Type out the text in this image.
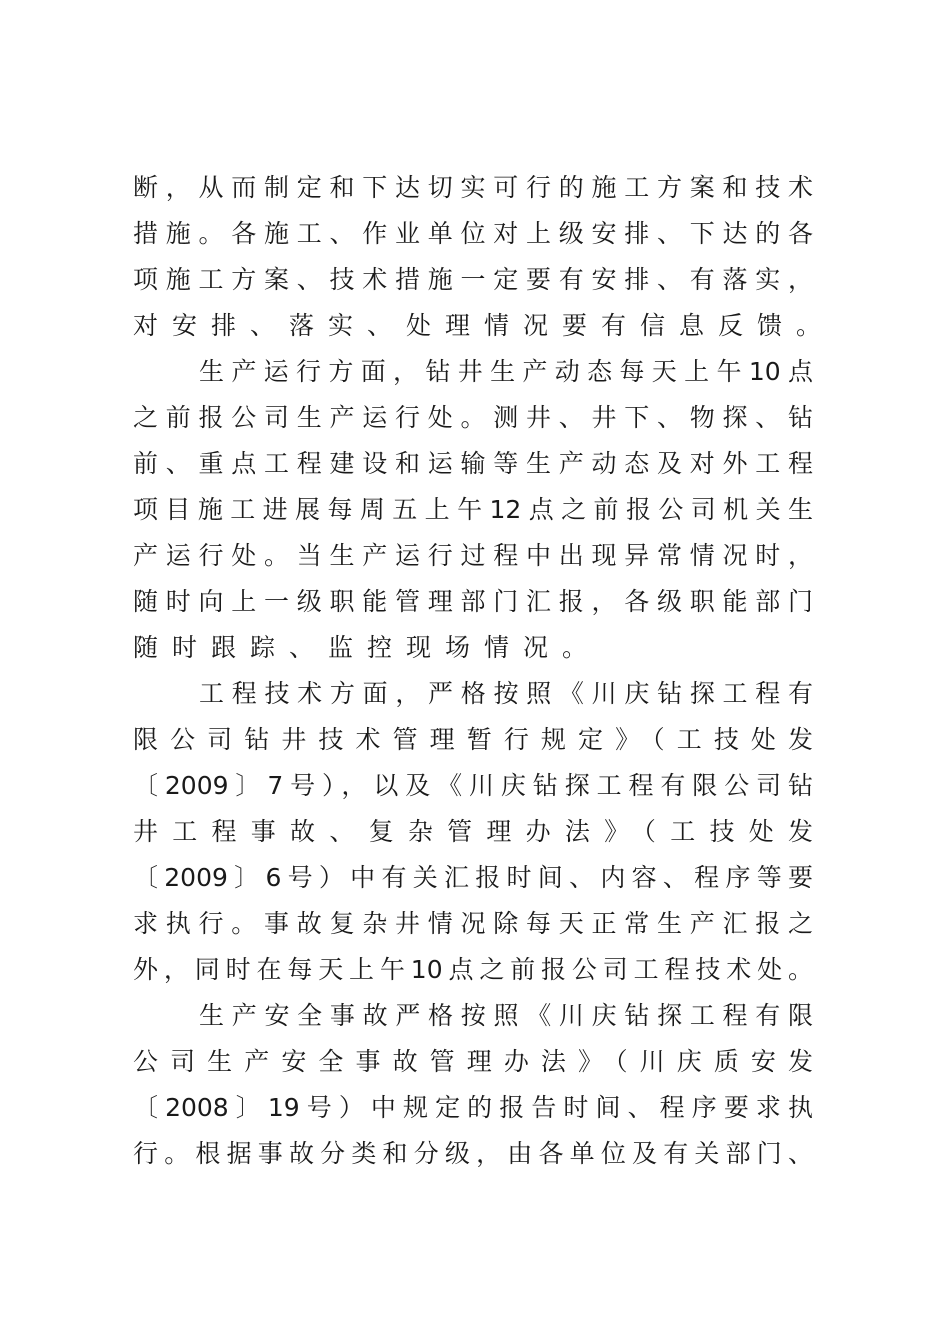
断，从而制定和下达切实可行的施工方案和技术
措施。各施工、作业单位对上级安排、下达的各
项施工方案、技术措施一定要有安排、有落实，
对安排、落实、处理情况要有信息反馈。
生产运行方面，钻井生产动态每天上午10点
之前报公司生产运行处。测井、井下、物探、钻
前、重点工程建设和运输等生产动态及对外工程
项目施工进展每周五上午12点之前报公司机关生
产运行处。当生产运行过程中出现异常情况时，
随时向上一级职能管理部门汇报，各级职能部门
随时跟踪、监控现场情况。
工程技术方面，严格按照《川庆钻探工程有
限公司钻井技术管理暂行规定》（工技处发
〔2009〕7号），以及《川庆钻探工程有限公司钻
井工程事故、复杂管理办法》（工技处发
〔2009〕6号）中有关汇报时间、内容、程序等要
求执行。事故复杂井情况除每天正常生产汇报之
外，同时在每天上午10点之前报公司工程技术处。
生产安全事故严格按照《川庆钻探工程有限
公司生产安全事故管理办法》（川庆质安发
〔2008〕19号）中规定的报告时间、程序要求执
行。根据事故分类和分级，由各单位及有关部门、
